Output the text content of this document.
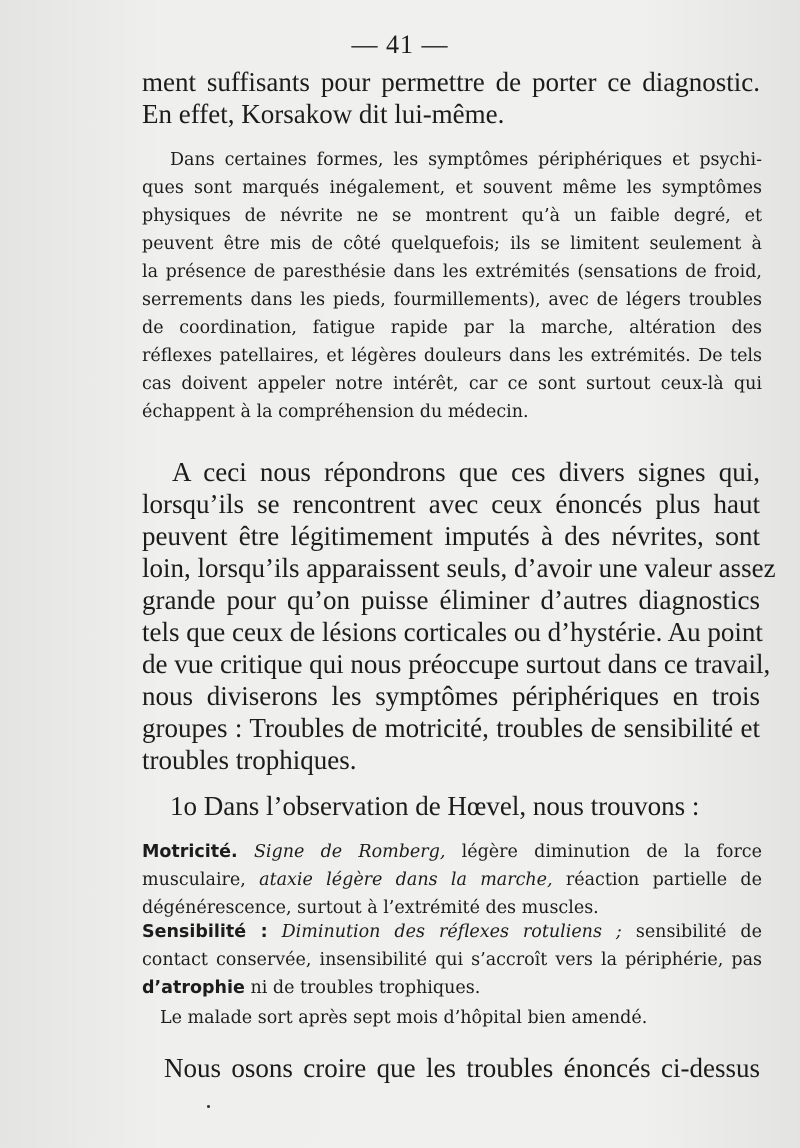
— 41 —
ment suffisants pour permettre de porter ce diagnostic.
En effet, Korsakow dit lui-même.
Dans certaines formes, les symptômes périphériques et psychi-
ques sont marqués inégalement, et souvent même les symptômes
physiques de névrite ne se montrent qu’à un faible degré, et
peuvent être mis de côté quelquefois; ils se limitent seulement à
la présence de paresthésie dans les extrémités (sensations de froid,
serrements dans les pieds, fourmillements), avec de légers troubles
de coordination, fatigue rapide par la marche, altération des
réflexes patellaires, et légères douleurs dans les extrémités. De tels
cas doivent appeler notre intérêt, car ce sont surtout ceux-là qui
échappent à la compréhension du médecin.
A ceci nous répondrons que ces divers signes qui,
lorsqu’ils se rencontrent avec ceux énoncés plus haut
peuvent être légitimement imputés à des névrites, sont
loin, lorsqu’ils apparaissent seuls, d’avoir une valeur assez
grande pour qu’on puisse éliminer d’autres diagnostics
tels que ceux de lésions corticales ou d’hystérie. Au point
de vue critique qui nous préoccupe surtout dans ce travail,
nous diviserons les symptômes périphériques en trois
groupes : Troubles de motricité, troubles de sensibilité et
troubles trophiques.
1o Dans l’observation de Hœvel, nous trouvons :
Motricité. Signe de Romberg, légère diminution de la force
musculaire, ataxie légère dans la marche, réaction partielle de
dégénérescence, surtout à l’extrémité des muscles.
Sensibilité : Diminution des réflexes rotuliens ; sensibilité de
contact conservée, insensibilité qui s’accroît vers la périphérie, pas
d’atrophie ni de troubles trophiques.
Le malade sort après sept mois d’hôpital bien amendé.
Nous osons croire que les troubles énoncés ci-dessus
